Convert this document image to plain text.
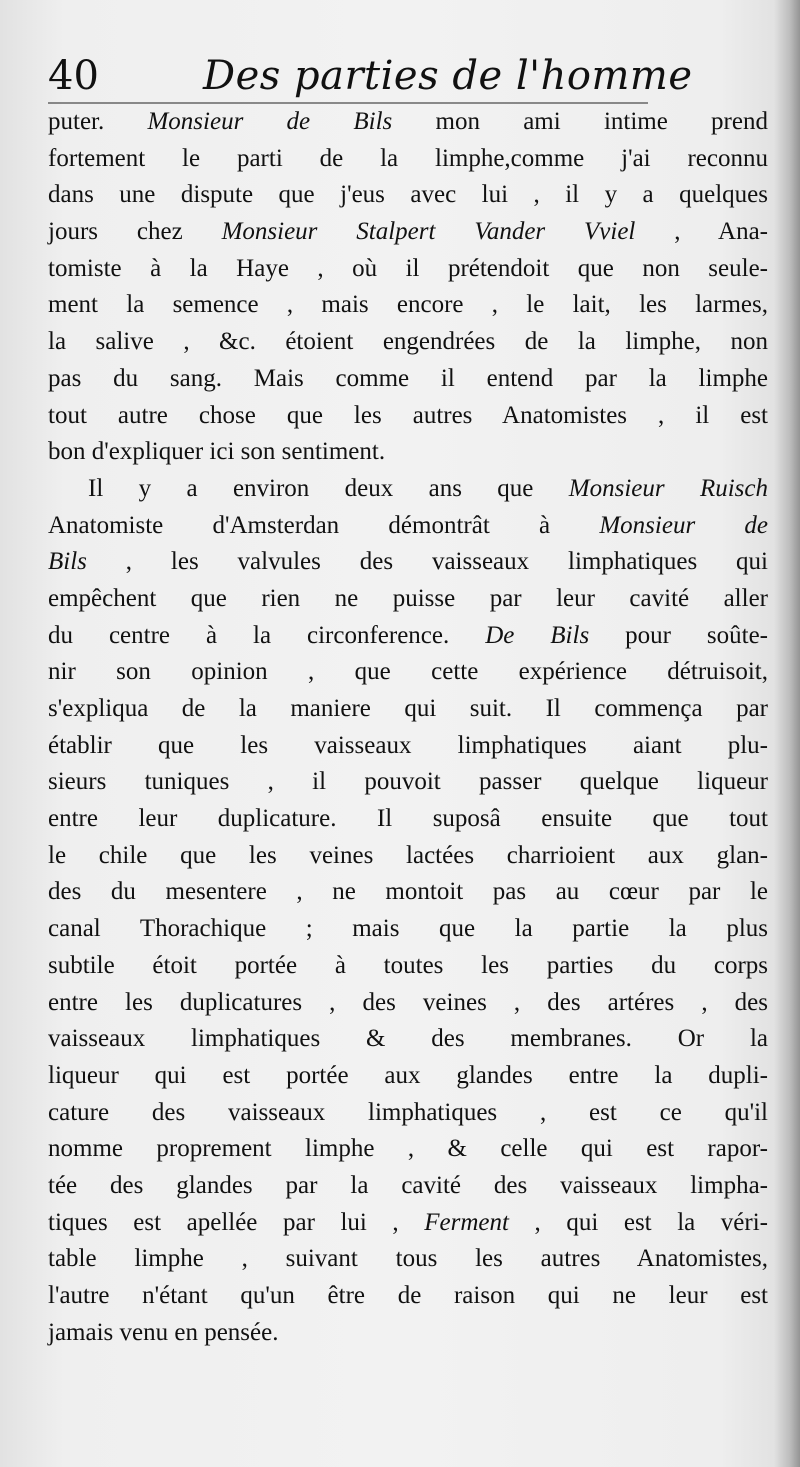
40	Des parties de l'homme
puter. Monsieur de Bils mon ami intime prend
fortement le parti de la limphe,comme j'ai reconnu
dans une dispute que j'eus avec lui , il y a quelques
jours chez Monsieur Stalpert Vander Vviel , Ana-
tomiste à la Haye , où il prétendoit que non seule-
ment la semence , mais encore , le lait, les larmes,
la salive , &c. étoient engendrées de la limphe, non
pas du sang. Mais comme il entend par la limphe
tout autre chose que les autres Anatomistes , il est
bon d'expliquer ici son sentiment.
Il y a environ deux ans que Monsieur Ruisch
Anatomiste d'Amsterdan démontrât à Monsieur de
Bils , les valvules des vaisseaux limphatiques qui
empêchent que rien ne puisse par leur cavité aller
du centre à la circonference. De Bils pour soûte-
nir son opinion , que cette expérience détruisoit,
s'expliqua de la maniere qui suit. Il commença par
établir que les vaisseaux limphatiques aiant plu-
sieurs tuniques , il pouvoit passer quelque liqueur
entre leur duplicature. Il suposâ ensuite que tout
le chile que les veines lactées charrioient aux glan-
des du mesentere , ne montoit pas au cœur par le
canal Thorachique ; mais que la partie la plus
subtile étoit portée à toutes les parties du corps
entre les duplicatures , des veines , des artéres , des
vaisseaux limphatiques & des membranes. Or la
liqueur qui est portée aux glandes entre la dupli-
cature des vaisseaux limphatiques , est ce qu'il
nomme proprement limphe , & celle qui est rapor-
tée des glandes par la cavité des vaisseaux limpha-
tiques est apellée par lui , Ferment , qui est la véri-
table limphe , suivant tous les autres Anatomistes,
l'autre n'étant qu'un être de raison qui ne leur est
jamais venu en pensée.
